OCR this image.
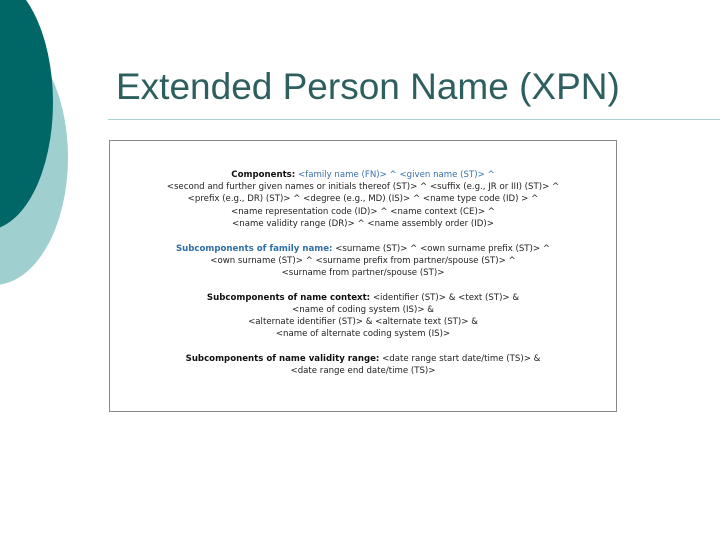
Extended Person Name (XPN)

Components: <family name (FN)> ^ <given name (ST)> ^
<second and further given names or initials thereof (ST)> ^ <suffix (e.g., JR or III) (ST)> ^
<prefix (e.g., DR) (ST)> ^ <degree (e.g., MD) (IS)> ^ <name type code (ID) > ^
<name representation code (ID)> ^ <name context (CE)> ^
<name validity range (DR)> ^ <name assembly order (ID)>

Subcomponents of family name: <surname (ST)> ^ <own surname prefix (ST)> ^
<own surname (ST)> ^ <surname prefix from partner/spouse (ST)> ^
<surname from partner/spouse (ST)>

Subcomponents of name context: <identifier (ST)> & <text (ST)> &
<name of coding system (IS)> &
<alternate identifier (ST)> & <alternate text (ST)> &
<name of alternate coding system (IS)>

Subcomponents of name validity range: <date range start date/time (TS)> &
<date range end date/time (TS)>
